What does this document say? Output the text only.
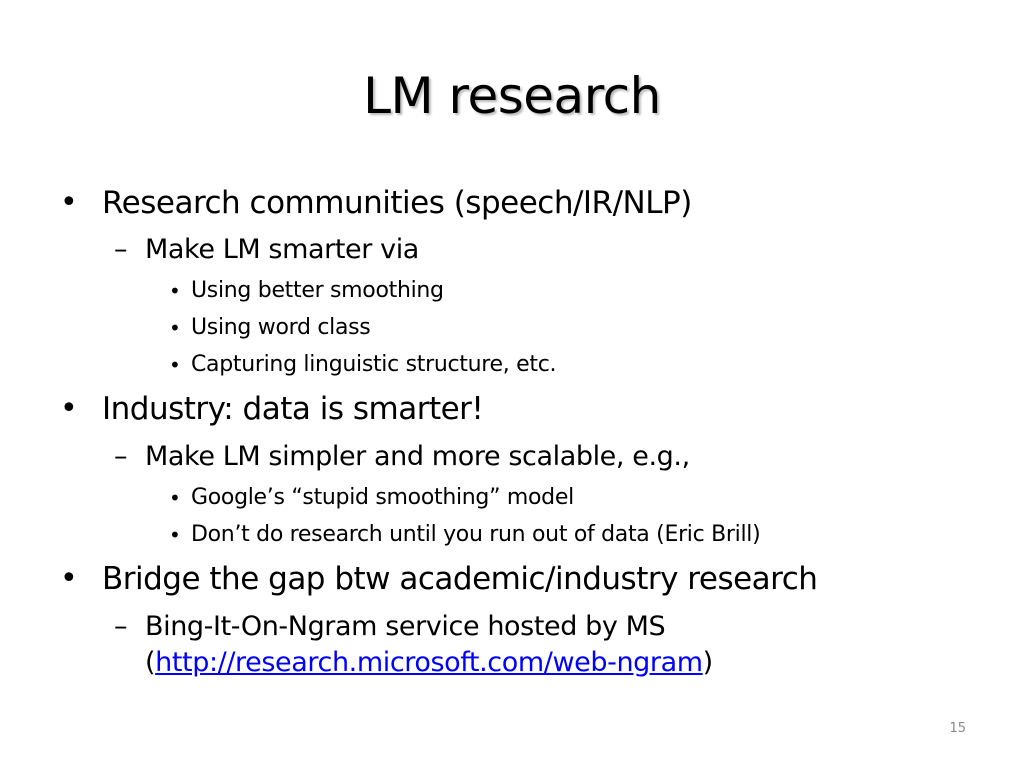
LM research
• Research communities (speech/IR/NLP)
– Make LM smarter via
• Using better smoothing
• Using word class
• Capturing linguistic structure, etc.
• Industry: data is smarter!
– Make LM simpler and more scalable, e.g.,
• Google’s “stupid smoothing” model
• Don’t do research until you run out of data (Eric Brill)
• Bridge the gap btw academic/industry research
– Bing-It-On-Ngram service hosted by MS
(http://research.microsoft.com/web-ngram)
15
